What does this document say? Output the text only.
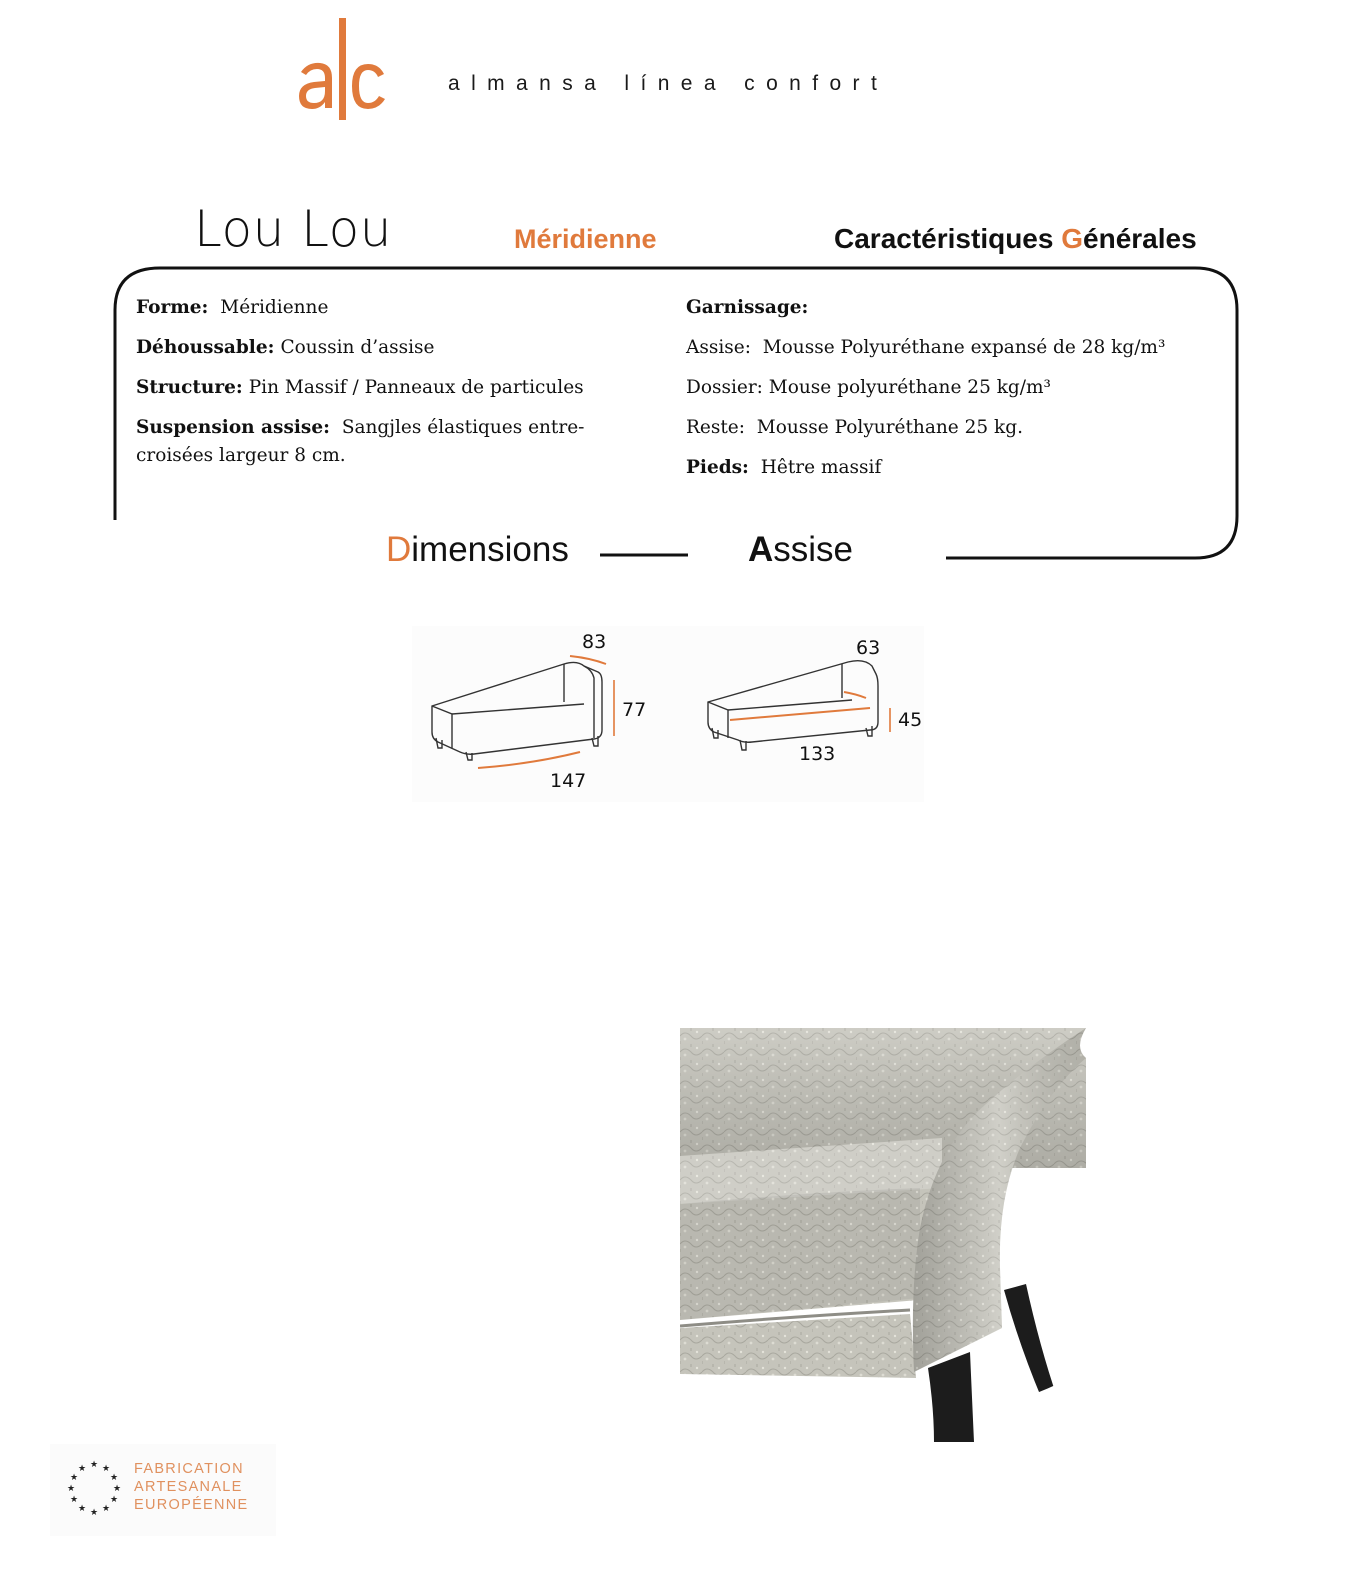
almansa línea confort
Lou Lou	Méridienne	Caractéristiques Générales
Forme: Méridienne
Déhoussable: Coussin d’assise
Structure: Pin Massif / Panneaux de particules
Suspension assise: Sangjles élastiques entre-croisées largeur 8 cm.
Garnissage:
Assise: Mousse Polyuréthane expansé de 28 kg/m³
Dossier: Mouse polyuréthane 25 kg/m³
Reste: Mousse Polyuréthane 25 kg.
Pieds: Hêtre massif
Dimensions	Assise
83
77
147
63
45
133
★ ★
★
★
★
★
★
★
★
★
★
★	FABRICATION
ARTESANALE
EUROPÉENNE
